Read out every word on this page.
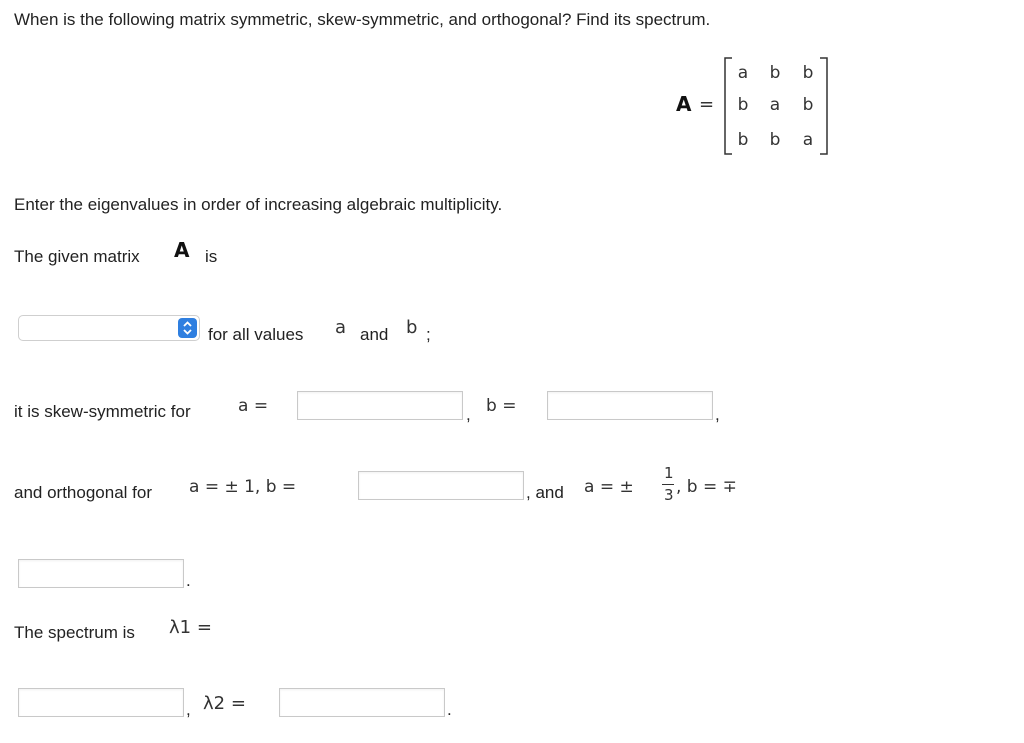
When is the following matrix symmetric, skew-symmetric, and orthogonal? Find its spectrum.
A =
a	b	b
b	a	b
b	b	a
Enter the eigenvalues in order of increasing algebraic multiplicity.
The given matrix A is
for all values a and b ;
it is skew-symmetric for	a =	, b =	,
and orthogonal for a = ± 1, b =	, and a = ±
1
3 , b = ∓
.
The spectrum is λ1 =
, λ2 =	.
